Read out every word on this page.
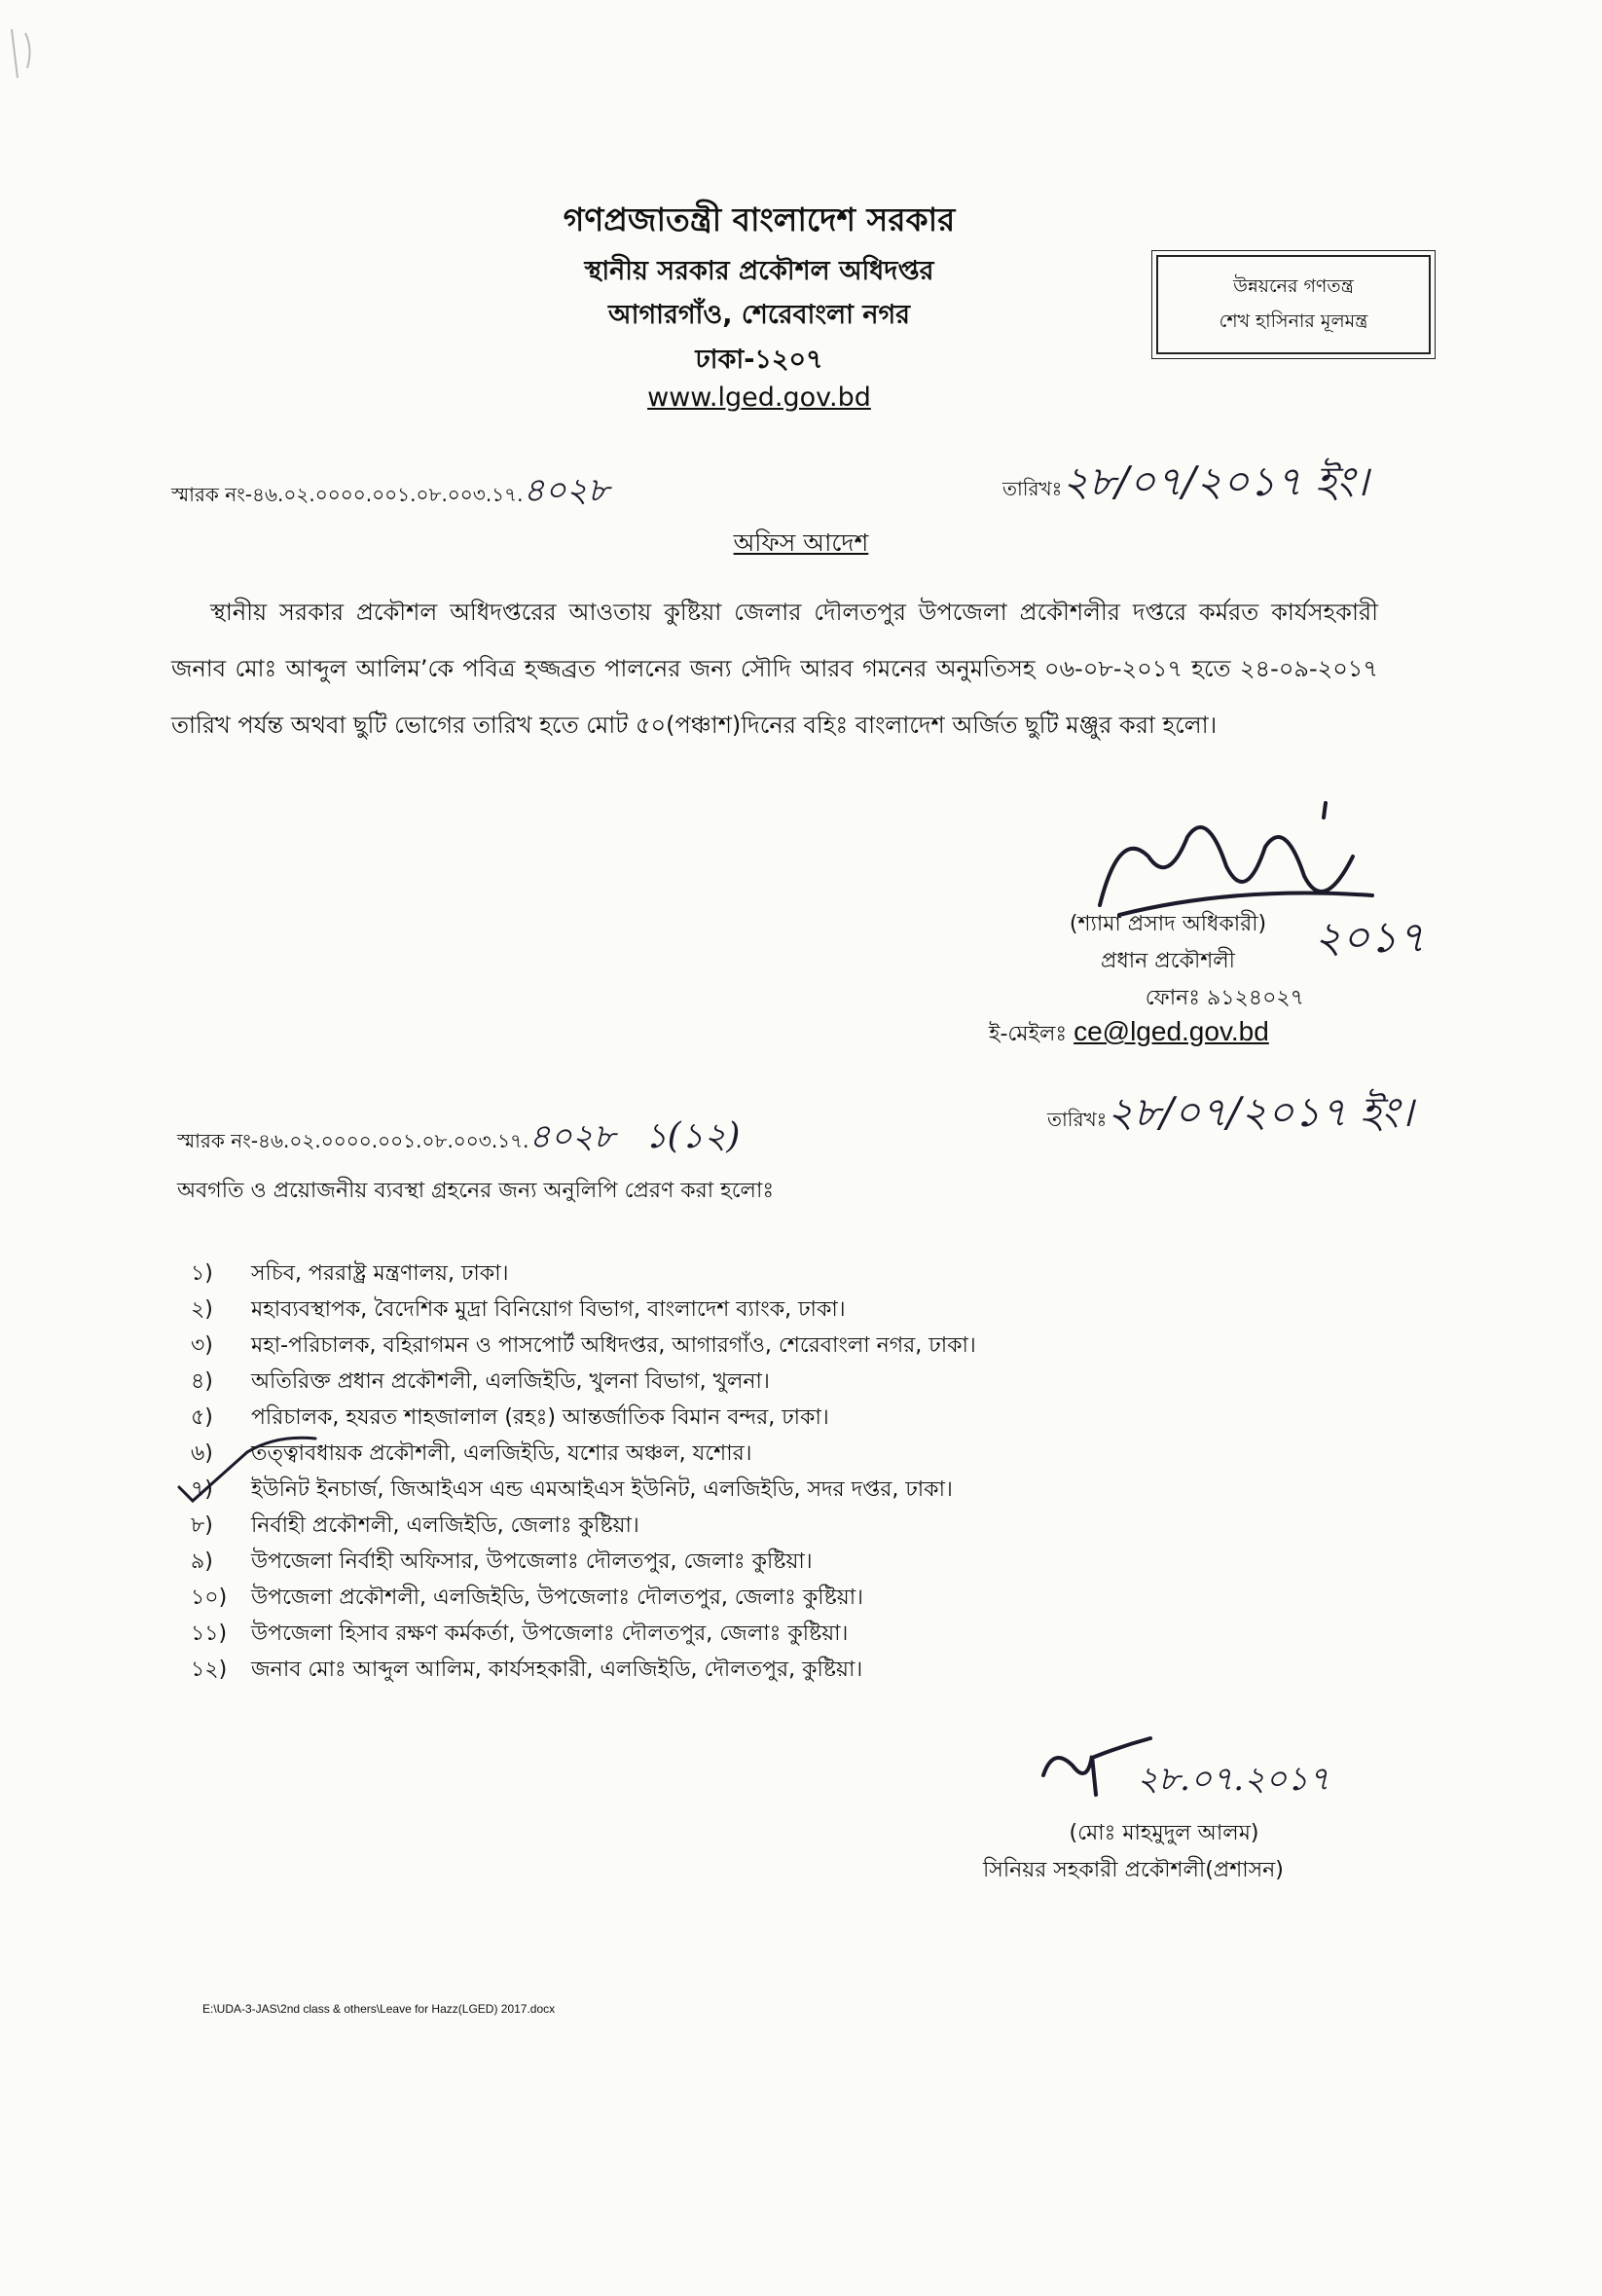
গণপ্রজাতন্ত্রী বাংলাদেশ সরকার
স্থানীয় সরকার প্রকৌশল অধিদপ্তর
আগারগাঁও, শেরেবাংলা নগর
ঢাকা-১২০৭
www.lged.gov.bd
উন্নয়নের গণতন্ত্র
শেখ হাসিনার মূলমন্ত্র
স্মারক নং-৪৬.০২.০০০০.০০১.০৮.০০৩.১৭.৪০২৮	তারিখঃ২৮/০৭/২০১৭ ইং।
অফিস আদেশ

স্থানীয় সরকার প্রকৌশল অধিদপ্তরের আওতায় কুষ্টিয়া জেলার দৌলতপুর উপজেলা প্রকৌশলীর দপ্তরে কর্মরত কার্যসহকারী জনাব মোঃ আব্দুল আলিম’কে পবিত্র হজ্জব্রত পালনের জন্য সৌদি আরব গমনের অনুমতিসহ ০৬-০৮-২০১৭ হতে ২৪-০৯-২০১৭ তারিখ পর্যন্ত অথবা ছুটি ভোগের তারিখ হতে মোট ৫০(পঞ্চাশ)দিনের বহিঃ বাংলাদেশ অর্জিত ছুটি মঞ্জুর করা হলো।

২০১৭
(শ্যামা প্রসাদ অধিকারী)
প্রধান প্রকৌশলী
ফোনঃ ৯১২৪০২৭
ই-মেইলঃ ce@lged.gov.bd
স্মারক নং-৪৬.০২.০০০০.০০১.০৮.০০৩.১৭.৪০২৮ ১(১২)	তারিখঃ২৮/০৭/২০১৭ ইং।
অবগতি ও প্রয়োজনীয় ব্যবস্থা গ্রহনের জন্য অনুলিপি প্রেরণ করা হলোঃ
১) সচিব, পররাষ্ট্র মন্ত্রণালয়, ঢাকা।
২) মহাব্যবস্থাপক, বৈদেশিক মুদ্রা বিনিয়োগ বিভাগ, বাংলাদেশ ব্যাংক, ঢাকা।
৩) মহা-পরিচালক, বহিরাগমন ও পাসপোর্ট অধিদপ্তর, আগারগাঁও, শেরেবাংলা নগর, ঢাকা।
৪) অতিরিক্ত প্রধান প্রকৌশলী, এলজিইডি, খুলনা বিভাগ, খুলনা।
৫) পরিচালক, হযরত শাহজালাল (রহঃ) আন্তর্জাতিক বিমান বন্দর, ঢাকা।
৬) তত্ত্বাবধায়ক প্রকৌশলী, এলজিইডি, যশোর অঞ্চল, যশোর।
৭) ইউনিট ইনচার্জ, জিআইএস এন্ড এমআইএস ইউনিট, এলজিইডি, সদর দপ্তর, ঢাকা।
৮) নির্বাহী প্রকৌশলী, এলজিইডি, জেলাঃ কুষ্টিয়া।
৯) উপজেলা নির্বাহী অফিসার, উপজেলাঃ দৌলতপুর, জেলাঃ কুষ্টিয়া।
১০) উপজেলা প্রকৌশলী, এলজিইডি, উপজেলাঃ দৌলতপুর, জেলাঃ কুষ্টিয়া।
১১) উপজেলা হিসাব রক্ষণ কর্মকর্তা, উপজেলাঃ দৌলতপুর, জেলাঃ কুষ্টিয়া।
১২) জনাব মোঃ আব্দুল আলিম, কার্যসহকারী, এলজিইডি, দৌলতপুর, কুষ্টিয়া।
২৮.০৭.২০১৭
(মোঃ মাহমুদুল আলম)
সিনিয়র সহকারী প্রকৌশলী(প্রশাসন)
E:\UDA-3-JAS\2nd class & others\Leave for Hazz(LGED) 2017.docx
